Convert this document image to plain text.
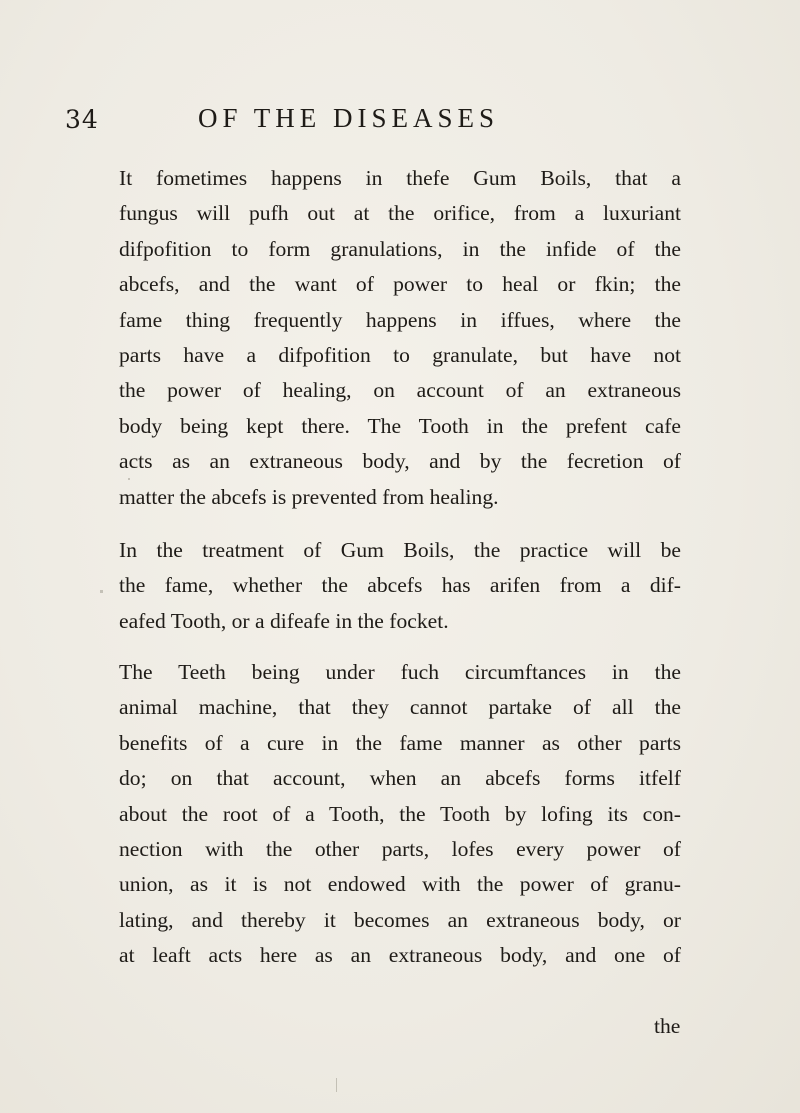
34	OF THE DISEASES
It fometimes happens in thefe Gum Boils, that a
fungus will pufh out at the orifice, from a luxuriant
difpofition to form granulations, in the infide of the
abcefs, and the want of power to heal or fkin; the
fame thing frequently happens in iffues, where the
parts have a difpofition to granulate, but have not
the power of healing, on account of an extraneous
body being kept there. The Tooth in the prefent cafe
acts as an extraneous body, and by the fecretion of
matter the abcefs is prevented from healing.
In the treatment of Gum Boils, the practice will be
the fame, whether the abcefs has arifen from a dif-
eafed Tooth, or a difeafe in the focket.
The Teeth being under fuch circumftances in the
animal machine, that they cannot partake of all the
benefits of a cure in the fame manner as other parts
do; on that account, when an abcefs forms itfelf
about the root of a Tooth, the Tooth by lofing its con-
nection with the other parts, lofes every power of
union, as it is not endowed with the power of granu-
lating, and thereby it becomes an extraneous body, or
at leaft acts here as an extraneous body, and one of
the
